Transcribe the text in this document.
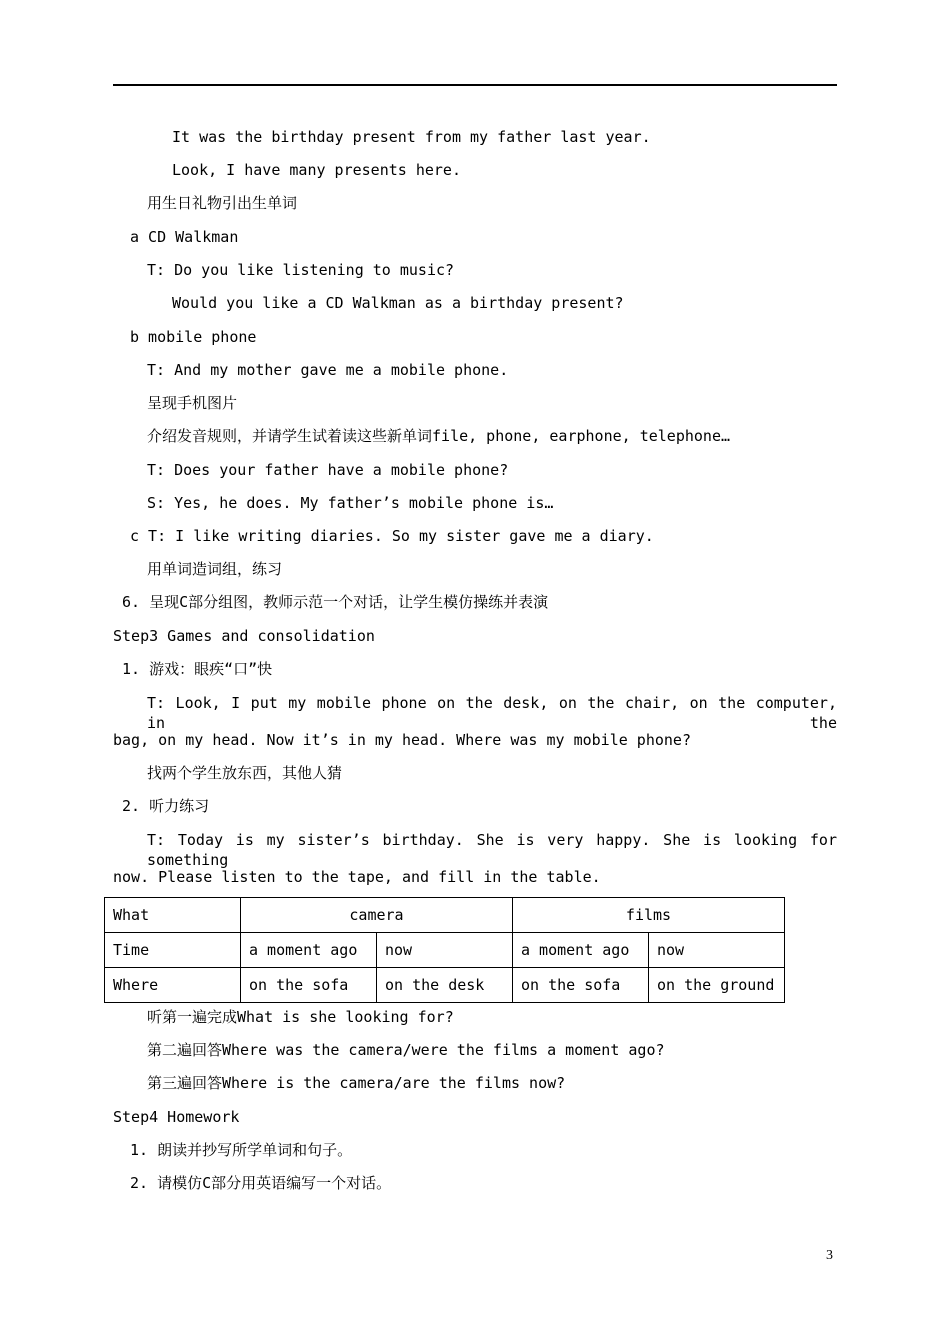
It was the birthday present from my father last year.
Look, I have many presents here.
用生日礼物引出生单词
a CD Walkman
T: Do you like listening to music?
Would you like a CD Walkman as a birthday present?
b mobile phone
T: And my mother gave me a mobile phone.
呈现手机图片
介绍发音规则，并请学生试着读这些新单词file, phone, earphone, telephone…
T: Does your father have a mobile phone?
S: Yes, he does. My father’s mobile phone is…
c T: I like writing diaries. So my sister gave me a diary.
用单词造词组，练习
6. 呈现C部分组图，教师示范一个对话，让学生模仿操练并表演
Step3 Games and consolidation
1. 游戏：眼疾“口”快
T: Look, I put my mobile phone on the desk, on the chair, on the computer, in the
bag, on my head. Now it’s in my head. Where was my mobile phone?
找两个学生放东西，其他人猜
2. 听力练习
T: Today is my sister’s birthday. She is very happy. She is looking for something
now. Please listen to the tape, and fill in the table.
What	camera		films	
Time	a moment ago	now	a moment ago	now
Where	on the sofa	on the desk	on the sofa	on the ground
听第一遍完成What is she looking for?
第二遍回答Where was the camera/were the films a moment ago?
第三遍回答Where is the camera/are the films now?
Step4 Homework
1. 朗读并抄写所学单词和句子。
2. 请模仿C部分用英语编写一个对话。
3
